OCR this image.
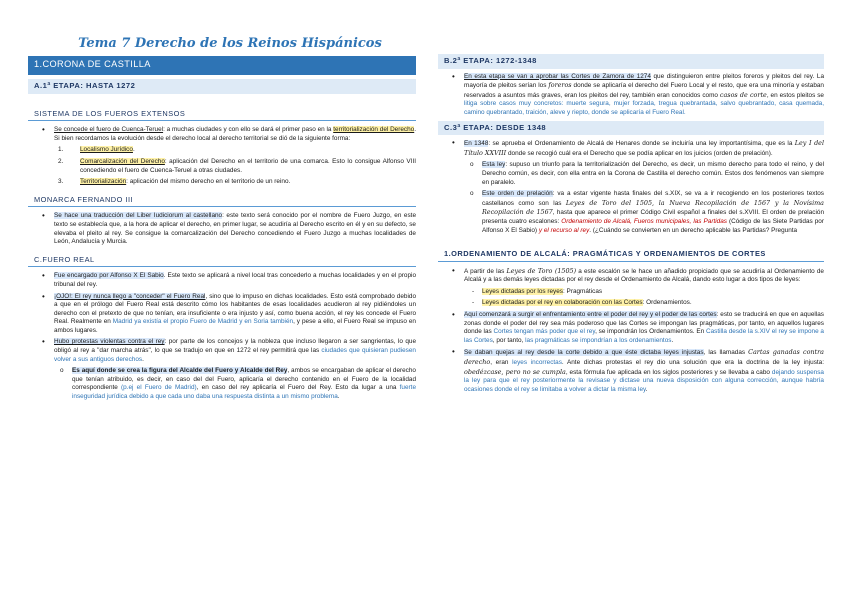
Tema 7 Derecho de los Reinos Hispánicos
1.CORONA DE CASTILLA
A.1ª ETAPA: HASTA 1272
SISTEMA DE LOS FUEROS EXTENSOS
• Se concede el fuero de Cuenca-Teruel: a muchas ciudades y con ello se dará el primer paso en la territorialización del Derecho. Si bien recordamos la evolución desde el derecho local al derecho territorial se dió de la siguiente forma:
1.	Localismo Jurídico.
2.	Comarcalización del Derecho: aplicación del Derecho en el territorio de una comarca. Esto lo consigue Alfonso VIII concediendo el fuero de Cuenca-Teruel a otras ciudades.
3.	Territorialización: aplicación del mismo derecho en el territorio de un reino.
MONARCA FERNANDO III
• Se hace una traducción del Liber Iudiciorum al castellano: este texto será conocido por el nombre de Fuero Juzgo, en este texto se establecía que, a la hora de aplicar el derecho, en primer lugar, se acudiría al Derecho escrito en él y en su defecto, se elevaba el pleito al rey. Se consigue la comarcalización del Derecho concediendo el Fuero Juzgo a muchas localidades de León, Andalucía y Murcia.
C.FUERO REAL
• Fue encargado por Alfonso X El Sabio. Este texto se aplicará a nivel local tras concederlo a muchas localidades y en el propio tribunal del rey.
• ¡OJO!: El rey nunca llego a "conceder" el Fuero Real, sino que lo impuso en dichas localidades. Esto está comprobado debido a que en el prólogo del Fuero Real está descrito cómo los habitantes de esas localidades acudieron al rey pidiéndoles un derecho con el pretexto de que no tenían, era insuficiente o era injusto y así, como buena acción, el rey les concede el Fuero Real. Realmente en Madrid ya existía el propio Fuero de Madrid y en Soria también, y pese a ello, el Fuero Real se impuso en ambos lugares.
• Hubo protestas violentas contra el rey: por parte de los concejos y la nobleza que incluso llegaron a ser sangrientas, lo que obligó al rey a "dar marcha atrás", lo que se tradujo en que en 1272 el rey permitirá que las ciudades que quisieran pudiesen volver a sus antiguos derechos.
o Es aquí donde se crea la figura del Alcalde del Fuero y Alcalde del Rey, ambos se encargaban de aplicar el derecho que tenían atribuido, es decir, en caso del del Fuero, aplicaría el derecho contenido en el Fuero de la localidad correspondiente (p.ej el Fuero de Madrid), en caso del rey aplicaría el Fuero del Rey. Esto da lugar a una fuerte inseguridad jurídica debido a que cada uno daba una respuesta distinta a un mismo problema.
B.2ª ETAPA: 1272-1348
• En esta etapa se van a aprobar las Cortes de Zamora de 1274 que distinguieron entre pleitos foreros y pleitos del rey. La mayoría de pleitos serían los foreros donde se aplicaría el derecho del Fuero Local y el resto, que era una minoría y estaban reservados a asuntos más graves, eran los pleitos del rey, también eran conocidos como casos de corte, en estos pleitos se litiga sobre casos muy concretos: muerte segura, mujer forzada, tregua quebrantada, salvo quebrantado, casa quemada, camino quebrantado, traición, aleve y riepto, donde se aplicaría el Fuero Real.
C.3ª ETAPA: DESDE 1348
• En 1348: se aprueba el Ordenamiento de Alcalá de Henares donde se incluiría una ley importantísima, que es la Ley I del Título XXVIII donde se recogió cuál era el Derecho que se podía aplicar en los juicios (orden de prelación).
o Esta ley: supuso un triunfo para la territorialización del Derecho, es decir, un mismo derecho para todo el reino, y del Derecho común, es decir, con ella entra en la Corona de Castilla el derecho común. Estos dos fenómenos van siempre en paralelo.
o Este orden de prelación: va a estar vigente hasta finales del s.XIX, se va a ir recogiendo en los posteriores textos castellanos como son las Leyes de Toro del 1505, la Nueva Recopilación de 1567 y la Novísima Recopilación de 1567, hasta que aparece el primer Código Civil español a finales del s.XVIII. El orden de prelación presenta cuatro escalones: Ordenamiento de Alcalá, Fueros municipales, las Partidas (Código de las Siete Partidas por Alfonso X El Sabio) y el recurso al rey. (¿Cuándo se convierten en un derecho aplicable las Partidas? Pregunta
1.ORDENAMIENTO DE ALCALÁ: PRAGMÁTICAS Y ORDENAMIENTOS DE CORTES
• A partir de las Leyes de Toro (1505) a este escalón se le hace un añadido propiciado que se acudiría al Ordenamiento de Alcalá y a las demás leyes dictadas por el rey desde el Ordenamiento de Alcalá, dando esto lugar a dos tipos de leyes:
- Leyes dictadas por los reyes: Pragmáticas
- Leyes dictadas por el rey en colaboración con las Cortes: Ordenamientos.
• Aquí comenzará a surgir el enfrentamiento entre el poder del rey y el poder de las cortes: esto se traducirá en que en aquellas zonas donde el poder del rey sea más poderoso que las Cortes se impongan las pragmáticas, por tanto, en aquellos lugares donde las Cortes tengan más poder que el rey, se impondrán los Ordenamientos. En Castilla desde la s.XIV el rey se impone a las Cortes, por tanto, las pragmáticas se impondrían a los ordenamientos.
• Se daban quejas al rey desde la corte debido a que éste dictaba leyes injustas, las llamadas Cartas ganadas contra derecho, eran leyes incorrectas. Ante dichas protestas el rey dio una solución que era la doctrina de la ley injusta: obedézcase, pero no se cumpla, esta fórmula fue aplicada en los siglos posteriores y se llevaba a cabo dejando suspensa la ley para que el rey posteriormente la revisase y dictase una nueva disposición con alguna corrección, aunque habría ocasiones donde el rey se limitaba a volver a dictar la misma ley.
